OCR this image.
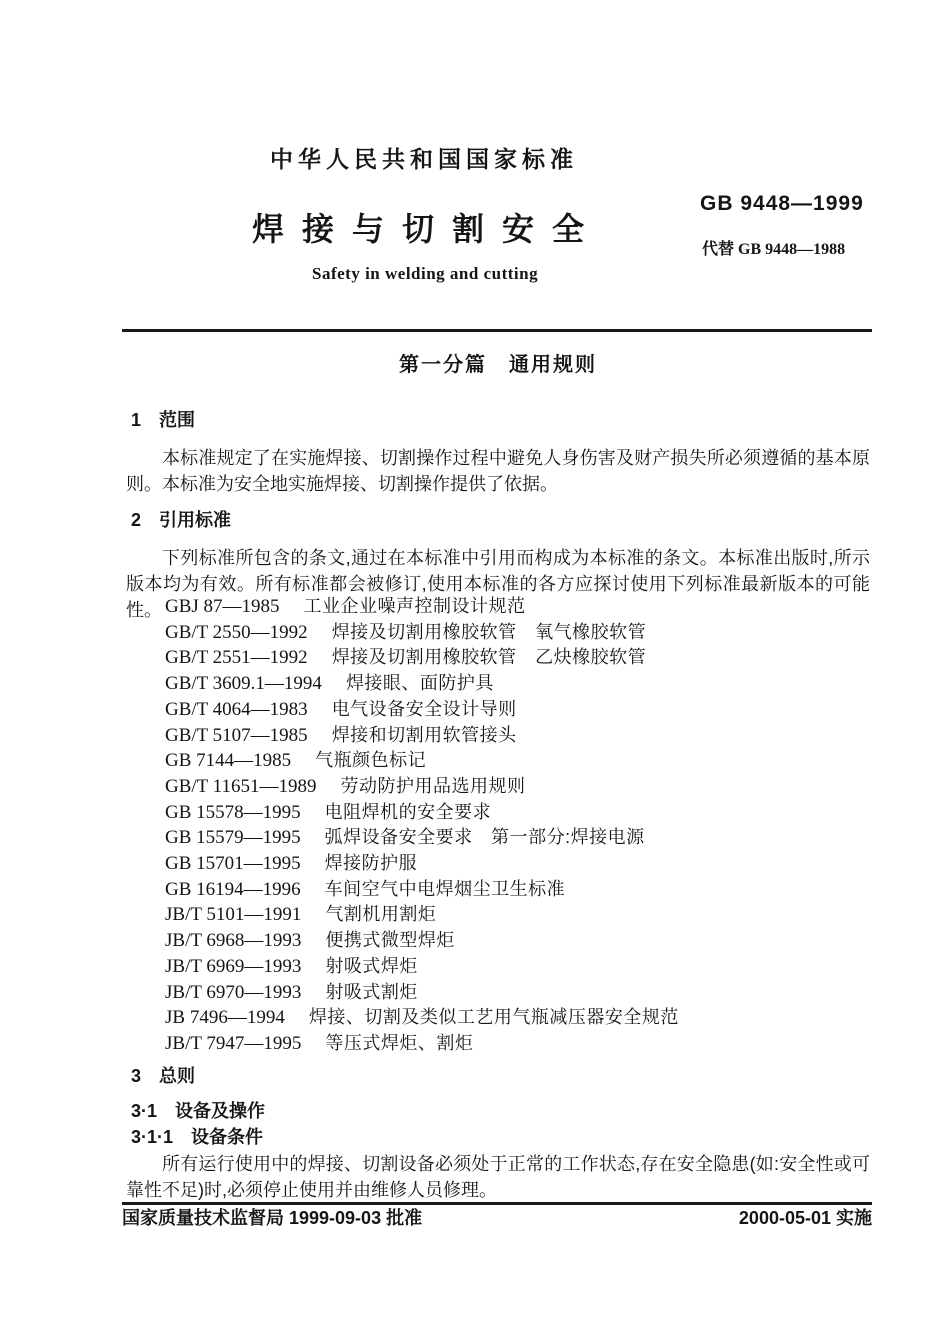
中华人民共和国国家标准
GB 9448—1999
焊接与切割安全
代替 GB 9448—1988
Safety in welding and cutting
第一分篇　通用规则
1　范围
本标准规定了在实施焊接、切割操作过程中避免人身伤害及财产损失所必须遵循的基本原则。 本标准为安全地实施焊接、切割操作提供了依据。
2　引用标准
下列标准所包含的条文,通过在本标准中引用而构成为本标准的条文。本标准出版时,所示版本均为有效。所有标准都会被修订,使用本标准的各方应探讨使用下列标准最新版本的可能性。 GBJ 87—1985 工业企业噪声控制设计规范
GB/T 2550—1992 焊接及切割用橡胶软管　氧气橡胶软管
GB/T 2551—1992 焊接及切割用橡胶软管　乙炔橡胶软管
GB/T 3609.1—1994 焊接眼、面防护具
GB/T 4064—1983 电气设备安全设计导则
GB/T 5107—1985 焊接和切割用软管接头
GB 7144—1985 气瓶颜色标记
GB/T 11651—1989 劳动防护用品选用规则
GB 15578—1995 电阻焊机的安全要求
GB 15579—1995 弧焊设备安全要求　第一部分:焊接电源
GB 15701—1995 焊接防护服
GB 16194—1996 车间空气中电焊烟尘卫生标准
JB/T 5101—1991 气割机用割炬
JB/T 6968—1993 便携式微型焊炬
JB/T 6969—1993 射吸式焊炬
JB/T 6970—1993 射吸式割炬
JB 7496—1994 焊接、切割及类似工艺用气瓶减压器安全规范
JB/T 7947—1995 等压式焊炬、割炬
3　总则
3·1　设备及操作
3·1·1　设备条件
所有运行使用中的焊接、切割设备必须处于正常的工作状态,存在安全隐患(如:安全性或可靠性不足)时,必须停止使用并由维修人员修理。
国家质量技术监督局 1999-09-03 批准	2000-05-01 实施
